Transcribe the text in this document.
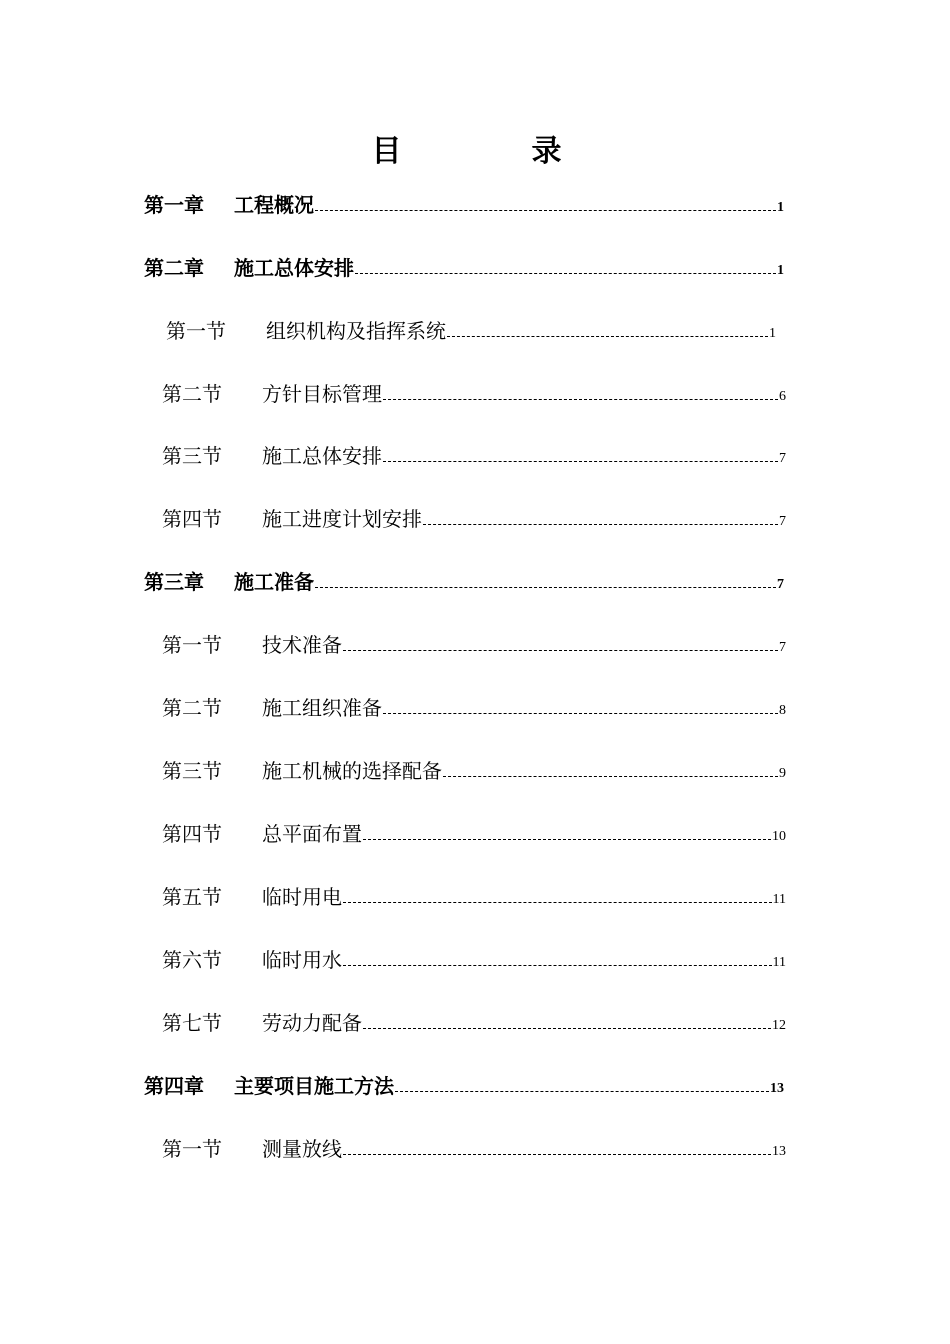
目　录
第一章	工程概况	1
第二章	施工总体安排	1
第一节	组织机构及指挥系统	1
第二节	方针目标管理	6
第三节	施工总体安排	7
第四节	施工进度计划安排	7
第三章	施工准备	7
第一节	技术准备	7
第二节	施工组织准备	8
第三节	施工机械的选择配备	9
第四节	总平面布置	10
第五节	临时用电	11
第六节	临时用水	11
第七节	劳动力配备	12
第四章	主要项目施工方法	13
第一节	测量放线	13
